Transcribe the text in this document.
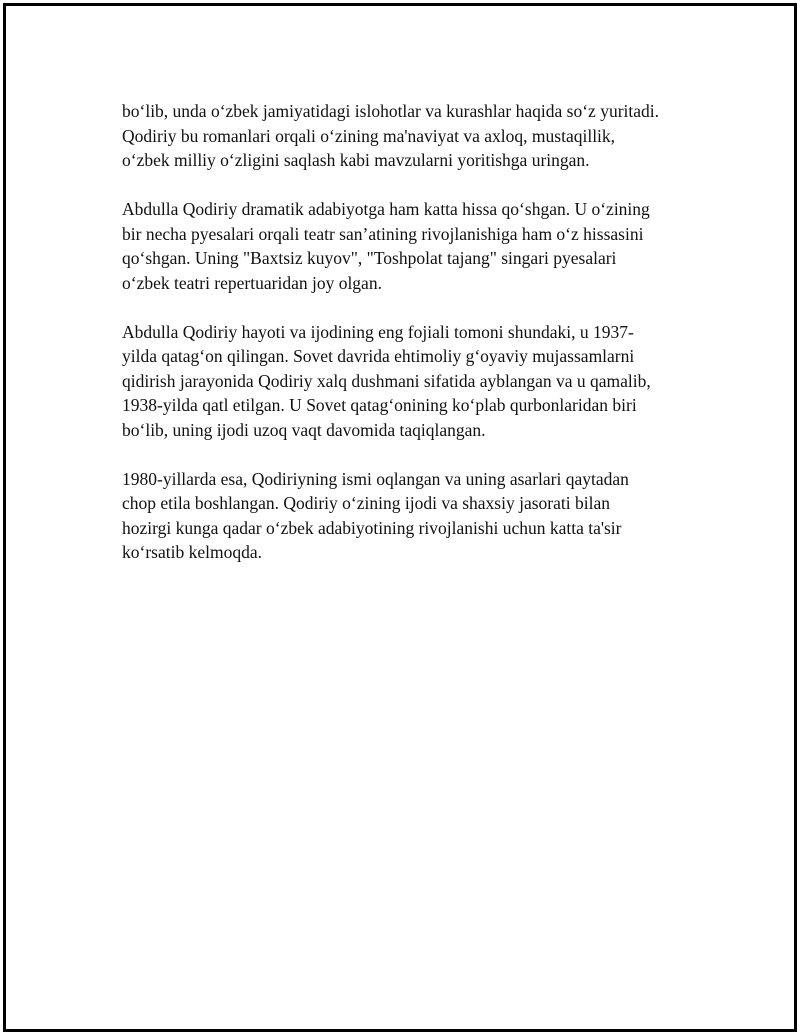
bo‘lib, unda o‘zbek jamiyatidagi islohotlar va kurashlar haqida so‘z yuritadi.
Qodiriy bu romanlari orqali o‘zining ma'naviyat va axloq, mustaqillik,
o‘zbek milliy o‘zligini saqlash kabi mavzularni yoritishga uringan.

Abdulla Qodiriy dramatik adabiyotga ham katta hissa qo‘shgan. U o‘zining
bir necha pyesalari orqali teatr san’atining rivojlanishiga ham o‘z hissasini
qo‘shgan. Uning "Baxtsiz kuyov", "Toshpolat tajang" singari pyesalari
o‘zbek teatri repertuaridan joy olgan.

Abdulla Qodiriy hayoti va ijodining eng fojiali tomoni shundaki, u 1937-
yilda qatag‘on qilingan. Sovet davrida ehtimoliy g‘oyaviy mujassamlarni
qidirish jarayonida Qodiriy xalq dushmani sifatida ayblangan va u qamalib,
1938-yilda qatl etilgan. U Sovet qatag‘onining ko‘plab qurbonlaridan biri
bo‘lib, uning ijodi uzoq vaqt davomida taqiqlangan.

1980-yillarda esa, Qodiriyning ismi oqlangan va uning asarlari qaytadan
chop etila boshlangan. Qodiriy o‘zining ijodi va shaxsiy jasorati bilan
hozirgi kunga qadar o‘zbek adabiyotining rivojlanishi uchun katta ta'sir
ko‘rsatib kelmoqda.
